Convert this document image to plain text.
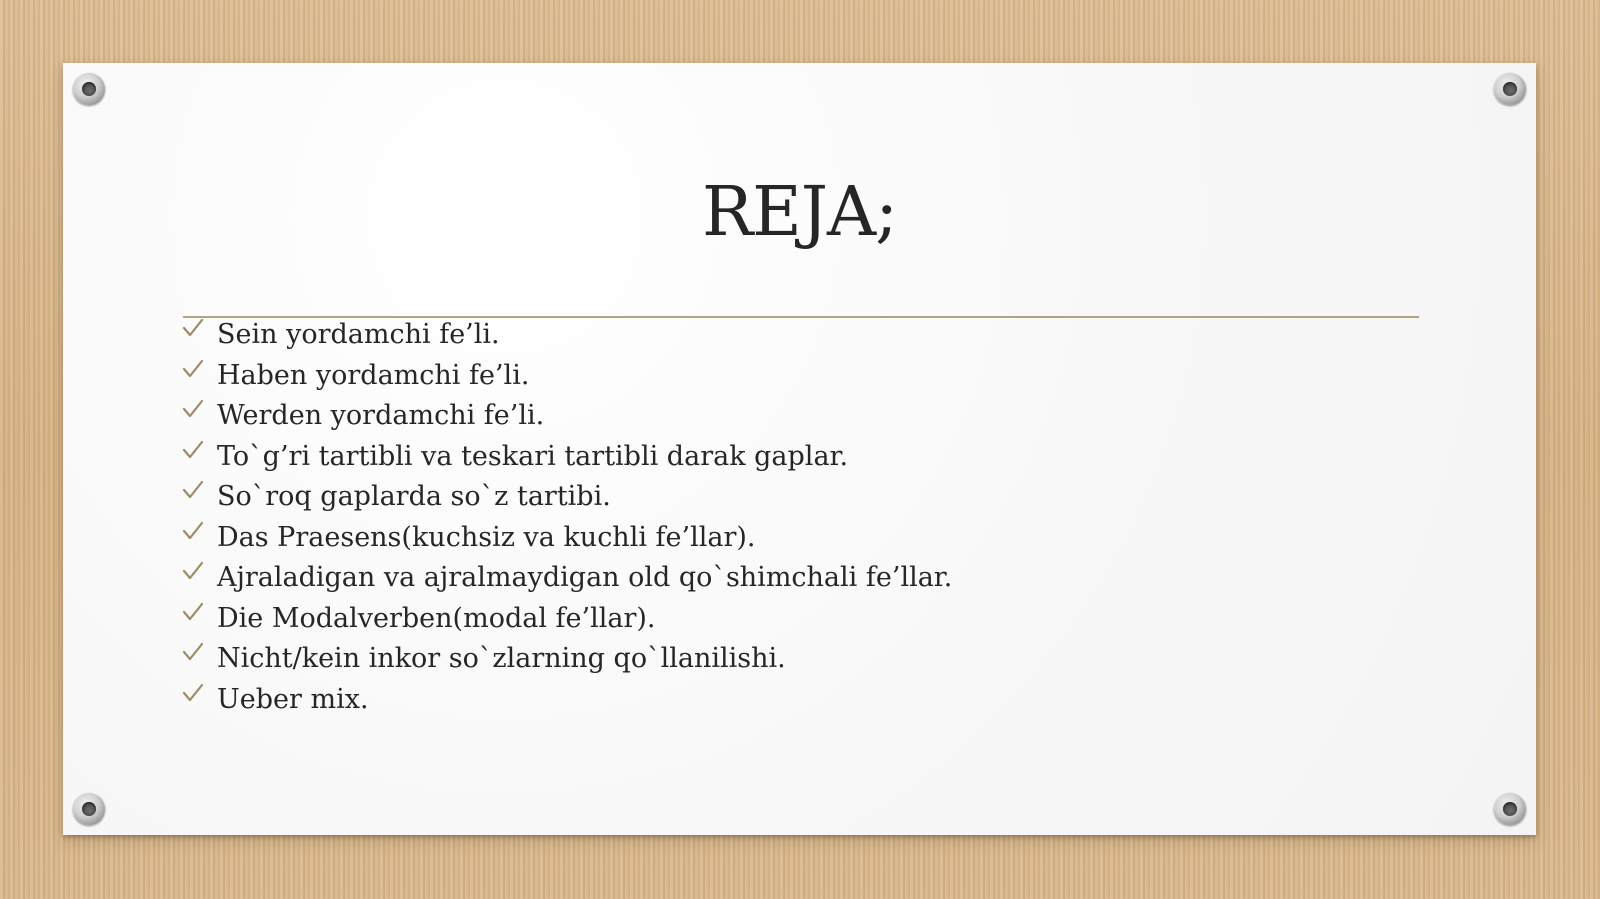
REJA;
Sein yordamchi fe’li.
Haben yordamchi fe’li.
Werden yordamchi fe’li.
To`g’ri tartibli va teskari tartibli darak gaplar.
So`roq gaplarda so`z tartibi.
Das Praesens(kuchsiz va kuchli fe’llar).
Ajraladigan va ajralmaydigan old qo`shimchali fe’llar.
Die Modalverben(modal fe’llar).
Nicht/kein inkor so`zlarning qo`llanilishi.
Ueber mix.
